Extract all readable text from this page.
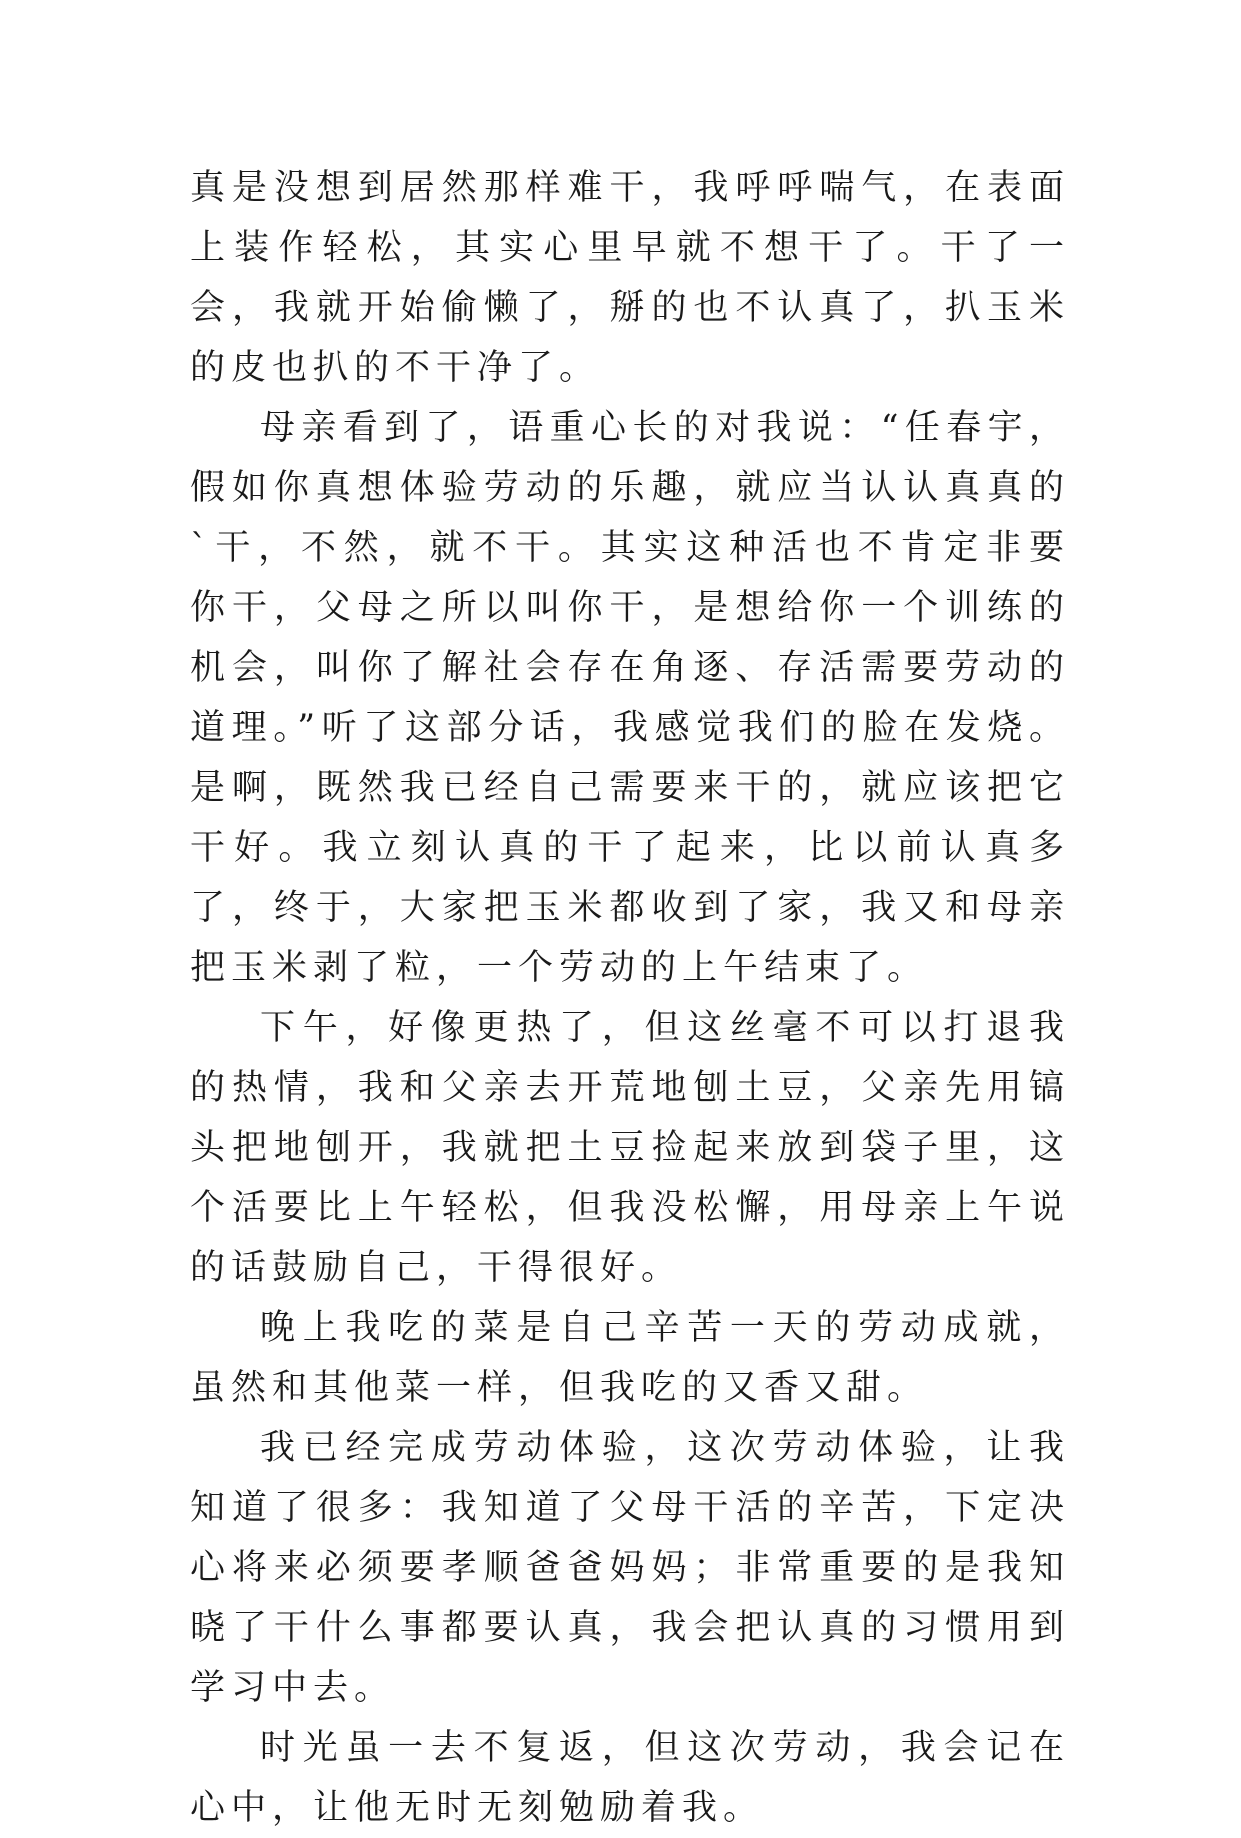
真是没想到居然那样难干，我呼呼喘气，在表面上装作轻松，其实心里早就不想干了。干了一会，我就开始偷懒了，掰的也不认真了，扒玉米的皮也扒的不干净了。

母亲看到了，语重心长的对我说：“任春宇，假如你真想体验劳动的乐趣，就应当认认真真的`干，不然，就不干。其实这种活也不肯定非要你干，父母之所以叫你干，是想给你一个训练的机会，叫你了解社会存在角逐、存活需要劳动的道理。”听了这部分话，我感觉我们的脸在发烧。是啊，既然我已经自己需要来干的，就应该把它干好。我立刻认真的干了起来，比以前认真多了，终于，大家把玉米都收到了家，我又和母亲把玉米剥了粒，一个劳动的上午结束了。

下午，好像更热了，但这丝毫不可以打退我的热情，我和父亲去开荒地刨土豆，父亲先用镐头把地刨开，我就把土豆捡起来放到袋子里，这个活要比上午轻松，但我没松懈，用母亲上午说的话鼓励自己，干得很好。

晚上我吃的菜是自己辛苦一天的劳动成就，虽然和其他菜一样，但我吃的又香又甜。

我已经完成劳动体验，这次劳动体验，让我知道了很多：我知道了父母干活的辛苦，下定决心将来必须要孝顺爸爸妈妈；非常重要的是我知晓了干什么事都要认真，我会把认真的习惯用到学习中去。

时光虽一去不复返，但这次劳动，我会记在心中，让他无时无刻勉励着我。
